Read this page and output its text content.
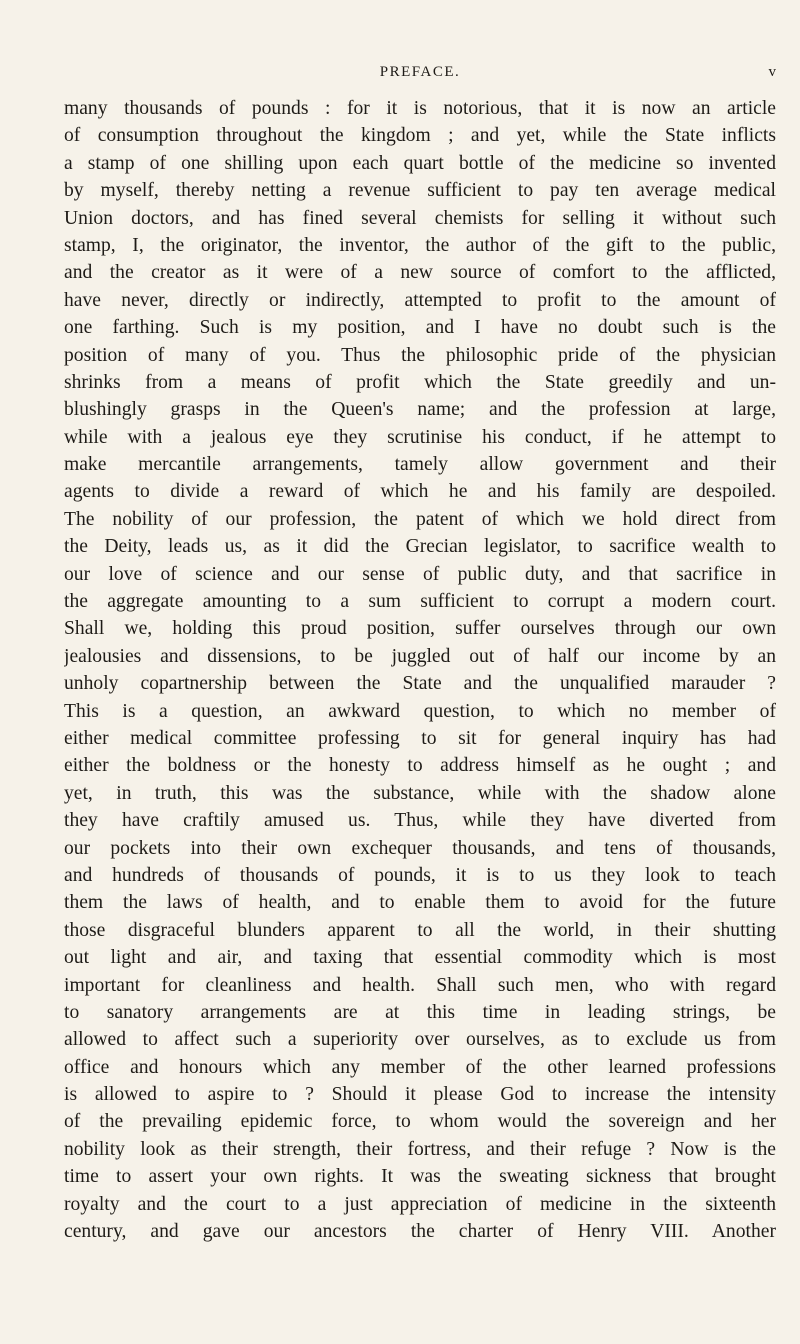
PREFACE.	v
many thousands of pounds : for it is notorious, that it is now an article
of consumption throughout the kingdom ; and yet, while the State inflicts
a stamp of one shilling upon each quart bottle of the medicine so invented
by myself, thereby netting a revenue sufficient to pay ten average medical
Union doctors, and has fined several chemists for selling it without such
stamp, I, the originator, the inventor, the author of the gift to the public,
and the creator as it were of a new source of comfort to the afflicted,
have never, directly or indirectly, attempted to profit to the amount of
one farthing. Such is my position, and I have no doubt such is the
position of many of you. Thus the philosophic pride of the physician
shrinks from a means of profit which the State greedily and un-
blushingly grasps in the Queen's name; and the profession at large,
while with a jealous eye they scrutinise his conduct, if he attempt to
make mercantile arrangements, tamely allow government and their
agents to divide a reward of which he and his family are despoiled.
The nobility of our profession, the patent of which we hold direct from
the Deity, leads us, as it did the Grecian legislator, to sacrifice wealth to
our love of science and our sense of public duty, and that sacrifice in
the aggregate amounting to a sum sufficient to corrupt a modern court.
Shall we, holding this proud position, suffer ourselves through our own
jealousies and dissensions, to be juggled out of half our income by an
unholy copartnership between the State and the unqualified marauder ?
This is a question, an awkward question, to which no member of
either medical committee professing to sit for general inquiry has had
either the boldness or the honesty to address himself as he ought ; and
yet, in truth, this was the substance, while with the shadow alone
they have craftily amused us. Thus, while they have diverted from
our pockets into their own exchequer thousands, and tens of thousands,
and hundreds of thousands of pounds, it is to us they look to teach
them the laws of health, and to enable them to avoid for the future
those disgraceful blunders apparent to all the world, in their shutting
out light and air, and taxing that essential commodity which is most
important for cleanliness and health. Shall such men, who with regard
to sanatory arrangements are at this time in leading strings, be
allowed to affect such a superiority over ourselves, as to exclude us from
office and honours which any member of the other learned professions
is allowed to aspire to ? Should it please God to increase the intensity
of the prevailing epidemic force, to whom would the sovereign and her
nobility look as their strength, their fortress, and their refuge ? Now is the
time to assert your own rights. It was the sweating sickness that brought
royalty and the court to a just appreciation of medicine in the sixteenth
century, and gave our ancestors the charter of Henry VIII. Another
